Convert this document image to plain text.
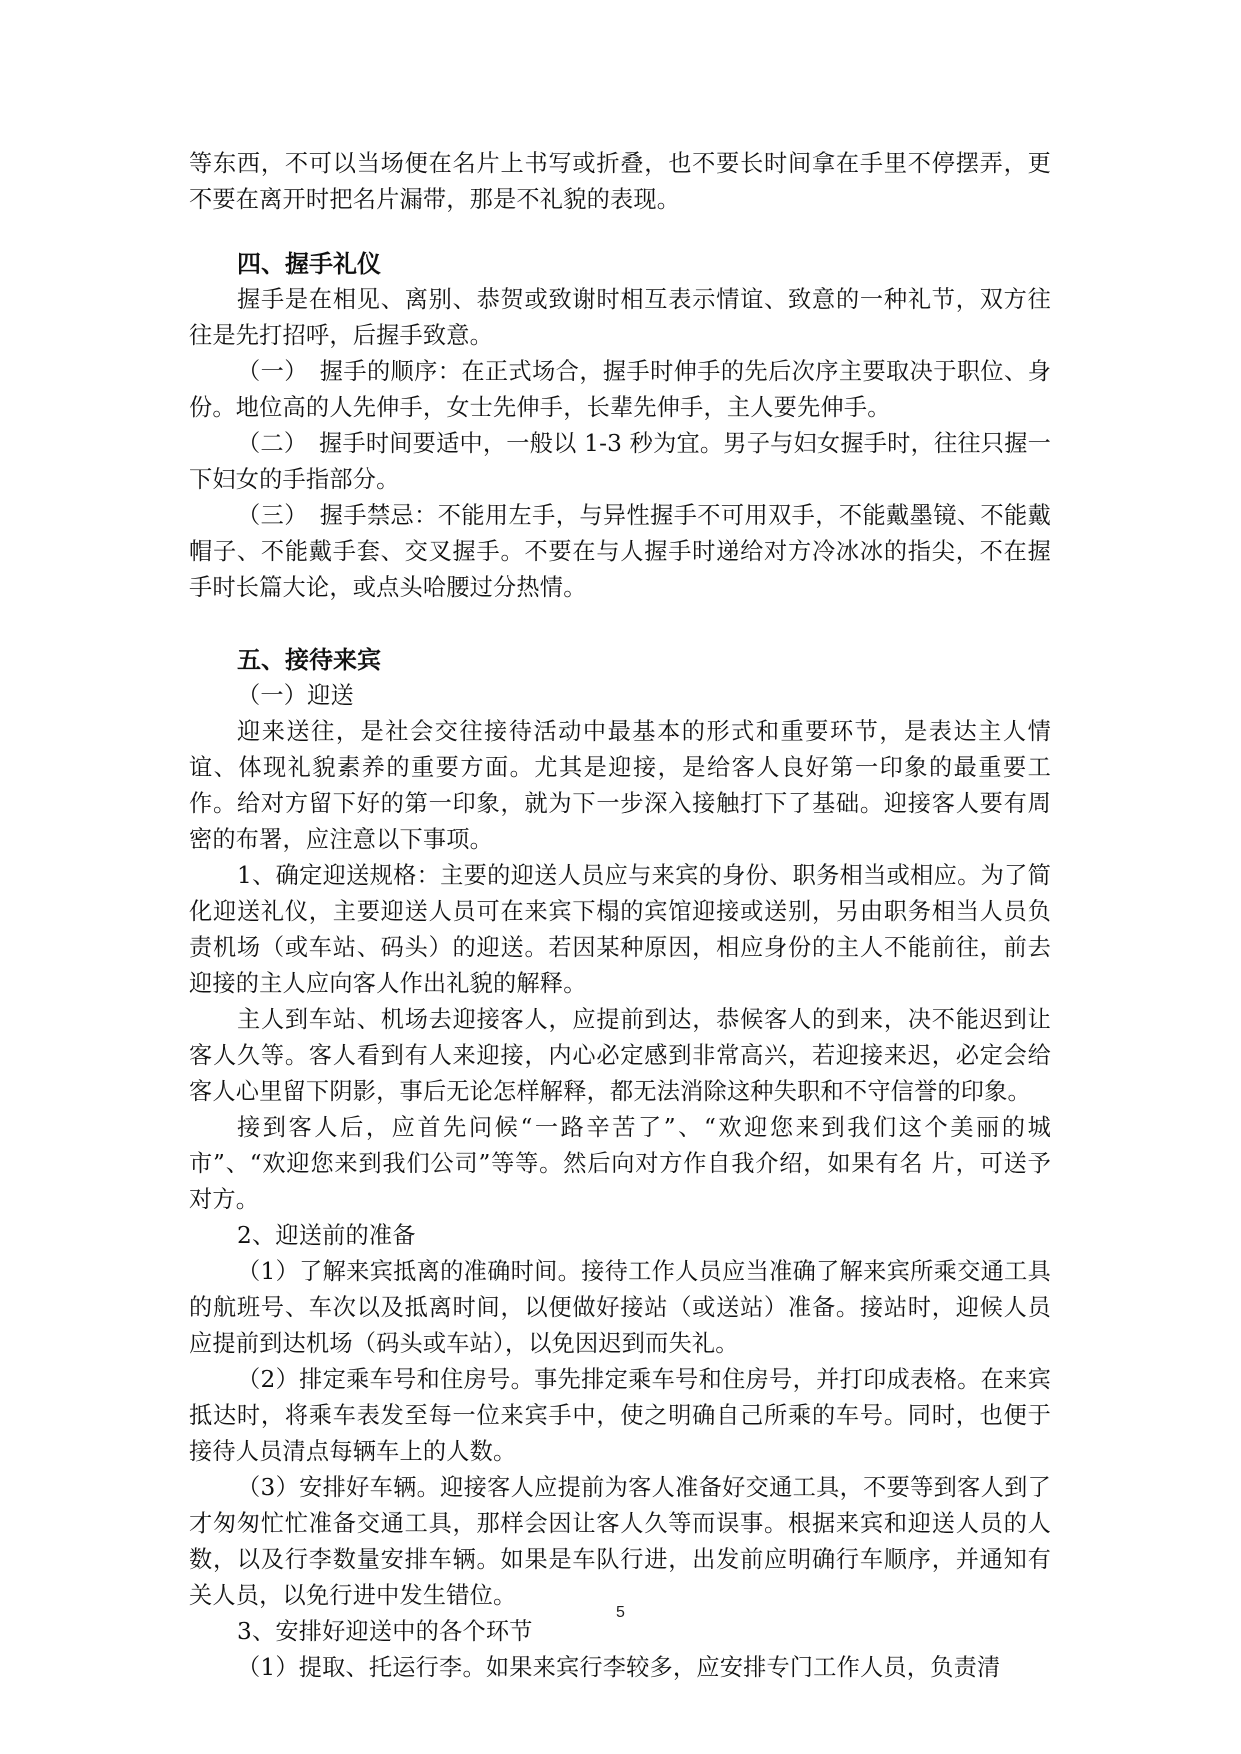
等东西，不可以当场便在名片上书写或折叠，也不要长时间拿在手里不停摆弄，更不要在离开时把名片漏带，那是不礼貌的表现。

四、握手礼仪

握手是在相见、离别、恭贺或致谢时相互表示情谊、致意的一种礼节，双方往往是先打招呼，后握手致意。

（一）　握手的顺序：在正式场合，握手时伸手的先后次序主要取决于职位、身份。地位高的人先伸手，女士先伸手，长辈先伸手，主人要先伸手。

（二）　握手时间要适中，一般以 1-3 秒为宜。男子与妇女握手时，往往只握一下妇女的手指部分。

（三）　握手禁忌：不能用左手，与异性握手不可用双手，不能戴墨镜、不能戴帽子、不能戴手套、交叉握手。不要在与人握手时递给对方冷冰冰的指尖，不在握手时长篇大论，或点头哈腰过分热情。

五、接待来宾

（一）迎送

迎来送往，是社会交往接待活动中最基本的形式和重要环节，是表达主人情谊、体现礼貌素养的重要方面。尤其是迎接，是给客人良好第一印象的最重要工作。给对方留下好的第一印象，就为下一步深入接触打下了基础。迎接客人要有周密的布署，应注意以下事项。

1、确定迎送规格：主要的迎送人员应与来宾的身份、职务相当或相应。为了简化迎送礼仪，主要迎送人员可在来宾下榻的宾馆迎接或送别，另由职务相当人员负责机场（或车站、码头）的迎送。若因某种原因，相应身份的主人不能前往，前去迎接的主人应向客人作出礼貌的解释。

主人到车站、机场去迎接客人，应提前到达，恭候客人的到来，决不能迟到让客人久等。客人看到有人来迎接，内心必定感到非常高兴，若迎接来迟，必定会给客人心里留下阴影，事后无论怎样解释，都无法消除这种失职和不守信誉的印象。

接到客人后，应首先问候“一路辛苦了”、“欢迎您来到我们这个美丽的城市”、“欢迎您来到我们公司”等等。然后向对方作自我介绍，如果有名 片，可送予对方。

2、迎送前的准备

（1）了解来宾抵离的准确时间。接待工作人员应当准确了解来宾所乘交通工具的航班号、车次以及抵离时间，以便做好接站（或送站）准备。接站时，迎候人员应提前到达机场（码头或车站），以免因迟到而失礼。

（2）排定乘车号和住房号。事先排定乘车号和住房号，并打印成表格。在来宾抵达时，将乘车表发至每一位来宾手中，使之明确自己所乘的车号。同时，也便于接待人员清点每辆车上的人数。

（3）安排好车辆。迎接客人应提前为客人准备好交通工具，不要等到客人到了才匆匆忙忙准备交通工具，那样会因让客人久等而误事。根据来宾和迎送人员的人数，以及行李数量安排车辆。如果是车队行进，出发前应明确行车顺序，并通知有关人员，以免行进中发生错位。

3、安排好迎送中的各个环节

（1）提取、托运行李。如果来宾行李较多，应安排专门工作人员，负责清

5
